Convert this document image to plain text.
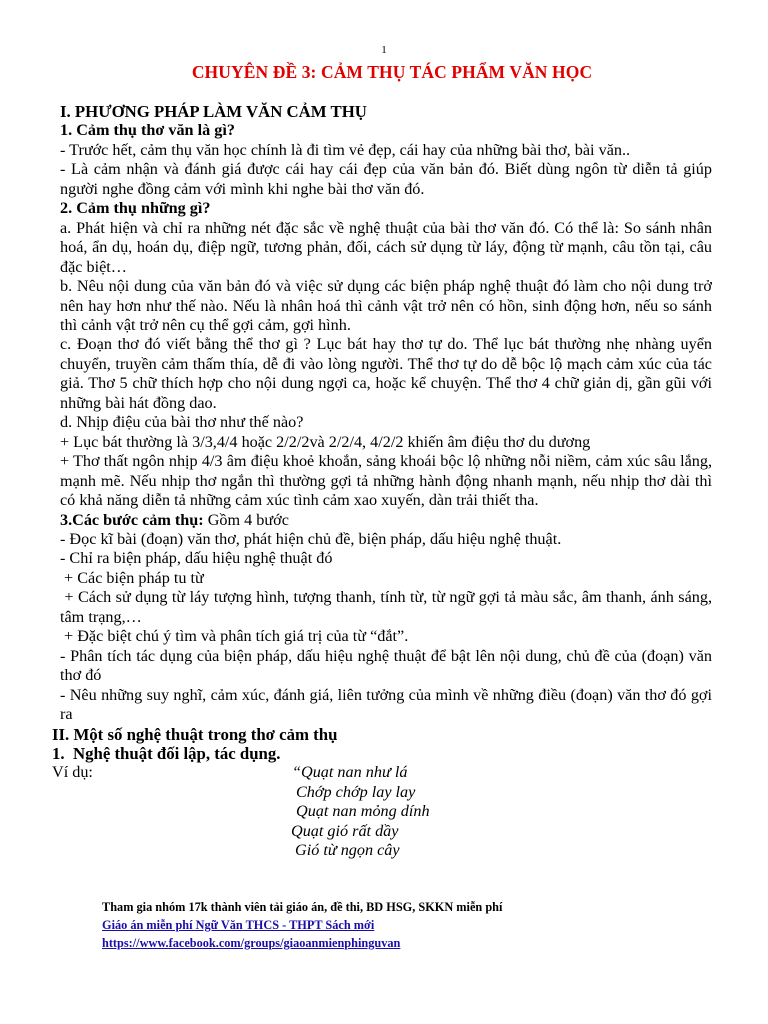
1
CHUYÊN ĐỀ 3: CẢM THỤ TÁC PHẨM VĂN HỌC

I. PHƯƠNG PHÁP LÀM VĂN CẢM THỤ

1. Cảm thụ thơ văn là gì?

- Trước hết, cảm thụ văn học chính là đi tìm vẻ đẹp, cái hay của những bài thơ, bài văn..

- Là cảm nhận và đánh giá được cái hay cái đẹp của văn bản đó. Biết dùng ngôn từ diễn tả giúp người nghe đồng cảm với mình khi nghe bài thơ văn đó.

2. Cảm thụ những gì?

a. Phát hiện và chỉ ra những nét đặc sắc về nghệ thuật của bài thơ văn đó. Có thể là: So sánh nhân hoá, ẩn dụ, hoán dụ, điệp ngữ, tương phản, đối, cách sử dụng từ láy, động từ mạnh, câu tồn tại, câu đặc biệt…

b. Nêu nội dung của văn bản đó và việc sử dụng các biện pháp nghệ thuật đó làm cho nội dung trở nên hay hơn như thế nào. Nếu là nhân hoá thì cảnh vật trở nên có hồn, sinh động hơn, nếu so sánh thì cảnh vật trở nên cụ thể gợi cảm, gợi hình.

c. Đoạn thơ đó viết bằng thể thơ gì ? Lục bát hay thơ tự do. Thể lục bát thường nhẹ nhàng uyển chuyển, truyền cảm thấm thía, dễ đi vào lòng người. Thể thơ tự do dễ bộc lộ mạch cảm xúc của tác giả. Thơ 5 chữ thích hợp cho nội dung ngợi ca, hoặc kể chuyện. Thể thơ 4 chữ giản dị, gần gũi với những bài hát đồng dao.

d. Nhịp điệu của bài thơ như thế nào?

+ Lục bát thường là 3/3,4/4 hoặc 2/2/2và 2/2/4, 4/2/2 khiến âm điệu thơ du dương

+ Thơ thất ngôn nhịp 4/3 âm điệu khoẻ khoắn, sảng khoái bộc lộ những nỗi niềm, cảm xúc sâu lắng, mạnh mẽ. Nếu nhịp thơ ngắn thì thường gợi tả những hành động nhanh mạnh, nếu nhịp thơ dài thì có khả năng diễn tả những cảm xúc tình cảm xao xuyến, dàn trải thiết tha.

3.Các bước cảm thụ: Gồm 4 bước

- Đọc kĩ bài (đoạn) văn thơ, phát hiện chủ đề, biện pháp, dấu hiệu nghệ thuật.

- Chỉ ra biện pháp, dấu hiệu nghệ thuật đó

+ Các biện pháp tu từ

+ Cách sử dụng từ láy tượng hình, tượng thanh, tính từ, từ ngữ gợi tả màu sắc, âm thanh, ánh sáng, tâm trạng,…

+ Đặc biệt chú ý tìm và phân tích giá trị của từ “đắt”.

- Phân tích tác dụng của biện pháp, dấu hiệu nghệ thuật để bật lên nội dung, chủ đề của (đoạn) văn thơ đó

- Nêu những suy nghĩ, cảm xúc, đánh giá, liên tưởng của mình về những điều (đoạn) văn thơ đó gợi ra

II. Một số nghệ thuật trong thơ cảm thụ

1.  Nghệ thuật đối lập, tác dụng.

Ví dụ:	“Quạt nan như lá
Chớp chớp lay lay
Quạt nan mỏng dính
Quạt gió rất dầy
Gió từ ngọn cây
Tham gia nhóm 17k thành viên tải giáo án, đề thi, BD HSG, SKKN miễn phí
Giáo án miễn phí Ngữ Văn THCS - THPT Sách mới
https://www.facebook.com/groups/giaoanmienphinguvan
